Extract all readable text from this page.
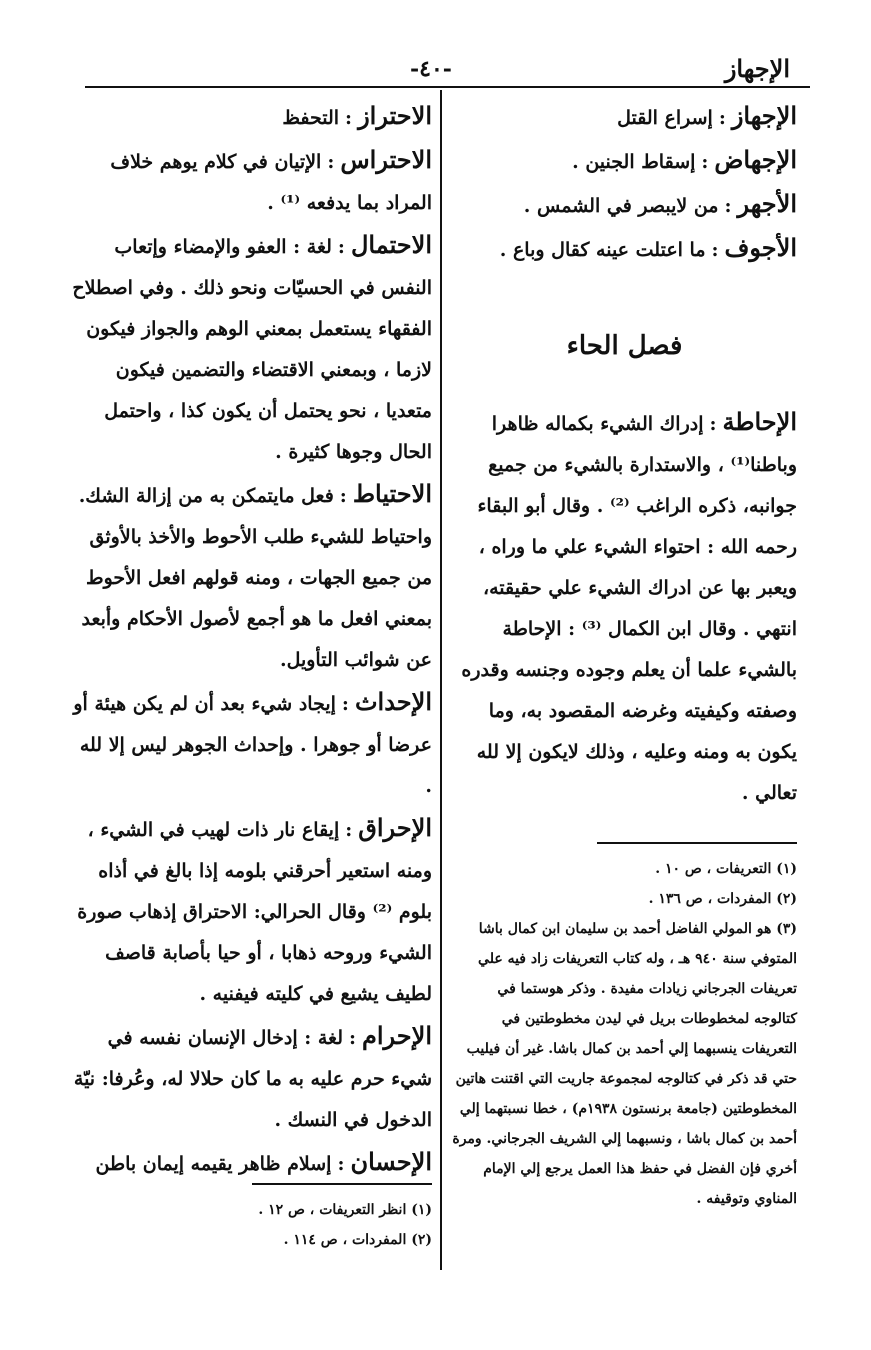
الإجهاز
-٤٠-

الإجهاز:إسراع القتل

الإجهاض:إسقاط الجنين .

الأجهر:من لايبصر في الشمس .

الأجوف:ما اعتلت عينه كقال وباع .

فصل الحاء

الإحاطة:إدراك الشيء بكماله ظاهرا وباطنا⁽¹⁾ ، والاستدارة بالشيء من جميع جوانبه، ذكره الراغب ⁽²⁾ . وقال أبو البقاء رحمه الله : احتواء الشيء علي ما وراه ، ويعبر بها عن ادراك الشيء علي حقيقته، انتهي . وقال ابن الكمال ⁽³⁾ : الإحاطة بالشيء علما أن يعلم وجوده وجنسه وقدره وصفته وكيفيته وغرضه المقصود به، وما يكون به ومنه وعليه ، وذلك لايكون إلا لله تعالي .

(١) التعريفات ، ص ١٠ .

(٢) المفردات ، ص ١٣٦ .

(٣) هو المولي الفاضل أحمد بن سليمان ابن كمال باشا المتوفي سنة ٩٤٠ هـ ، وله كتاب التعريفات زاد فيه علي تعريفات الجرجاني زيادات مفيدة . وذكر هوستما في كتالوجه لمخطوطات بريل في ليدن مخطوطتين في التعريفات ينسبهما إلي أحمد بن كمال باشا. غير أن فيليب حتي قد ذكر في كتالوجه لمجموعة جاريت التي اقتنت هاتين المخطوطتين (جامعة برنستون ١٩٣٨م) ، خطا نسبتهما إلي أحمد بن كمال باشا ، ونسبهما إلي الشريف الجرجاني. ومرة أخري فإن الفضل في حفظ هذا العمل يرجع إلي الإمام المناوي وتوقيفه .

الاحتراز:التحفظ

الاحتراس:الإتيان في كلام يوهم خلاف المراد بما يدفعه ⁽¹⁾ .

الاحتمال:لغة : العفو والإمضاء وإتعاب النفس في الحسيّات ونحو ذلك . وفي اصطلاح الفقهاء يستعمل بمعني الوهم والجواز فيكون لازما ، وبمعني الاقتضاء والتضمين فيكون متعديا ، نحو يحتمل أن يكون كذا ، واحتمل الحال وجوها كثيرة .

الاحتياط:فعل مايتمكن به من إزالة الشك. واحتياط للشيء طلب الأحوط والأخذ بالأوثق من جميع الجهات ، ومنه قولهم افعل الأحوط بمعني افعل ما هو أجمع لأصول الأحكام وأبعد عن شوائب التأويل.

الإحداث:إيجاد شيء بعد أن لم يكن هيئة أو عرضا أو جوهرا . وإحداث الجوهر ليس إلا لله .

الإحراق:إيقاع نار ذات لهيب في الشيء ، ومنه استعير أحرقني بلومه إذا بالغ في أذاه بلوم ⁽²⁾ وقال الحرالي: الاحتراق إذهاب صورة الشيء وروحه ذهابا ، أو حيا بأصابة قاصف لطيف يشيع في كليته فيفنيه .

الإحرام:لغة : إدخال الإنسان نفسه في شيء حرم عليه به ما كان حلالا له، وعُرفا: نيّة الدخول في النسك .

الإحسان:إسلام ظاهر يقيمه إيمان باطن

(١) انظر التعريفات ، ص ١٢ .

(٢) المفردات ، ص ١١٤ .
